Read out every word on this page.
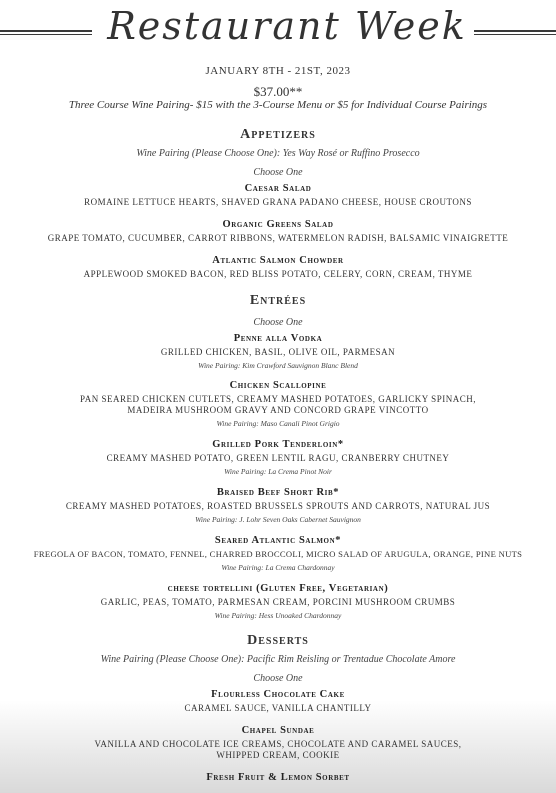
Restaurant Week
JANUARY 8TH - 21ST, 2023
$37.00**
Three Course Wine Pairing- $15 with the 3-Course Menu or $5 for Individual Course Pairings
Appetizers
Wine Pairing (Please Choose One): Yes Way Rosé or Ruffino Prosecco
Choose One
Caesar Salad
ROMAINE LETTUCE HEARTS, SHAVED GRANA PADANO CHEESE, HOUSE CROUTONS
Organic Greens Salad
GRAPE TOMATO, CUCUMBER, CARROT RIBBONS, WATERMELON RADISH, BALSAMIC VINAIGRETTE
Atlantic Salmon Chowder
APPLEWOOD SMOKED BACON, RED BLISS POTATO, CELERY, CORN, CREAM, THYME
Entrées
Choose One
Penne alla Vodka
GRILLED CHICKEN, BASIL, OLIVE OIL, PARMESAN
Wine Pairing: Kim Crawford Sauvignon Blanc Blend
Chicken Scallopine
PAN SEARED CHICKEN CUTLETS, CREAMY MASHED POTATOES, GARLICKY SPINACH,
MADEIRA MUSHROOM GRAVY AND CONCORD GRAPE VINCOTTO
Wine Pairing: Maso Canali Pinot Grigio
Grilled Pork Tenderloin*
CREAMY MASHED POTATO, GREEN LENTIL RAGU, CRANBERRY CHUTNEY
Wine Pairing: La Crema Pinot Noir
Braised Beef Short Rib*
CREAMY MASHED POTATOES, ROASTED BRUSSELS SPROUTS AND CARROTS, NATURAL JUS
Wine Pairing: J. Lohr Seven Oaks Cabernet Sauvignon
Seared Atlantic Salmon*
FREGOLA OF BACON, TOMATO, FENNEL, CHARRED BROCCOLI, MICRO SALAD OF ARUGULA, ORANGE, PINE NUTS
Wine Pairing: La Crema Chardonnay
cheese tortellini (Gluten Free, Vegetarian)
GARLIC, PEAS, TOMATO, PARMESAN CREAM, PORCINI MUSHROOM CRUMBS
Wine Pairing: Hess Unoaked Chardonnay
Desserts
Wine Pairing (Please Choose One): Pacific Rim Reisling or Trentadue Chocolate Amore
Choose One
Flourless Chocolate Cake
CARAMEL SAUCE, VANILLA CHANTILLY
Chapel Sundae
VANILLA AND CHOCOLATE ICE CREAMS, CHOCOLATE AND CARAMEL SAUCES,
WHIPPED CREAM, COOKIE
Fresh Fruit & Lemon Sorbet
